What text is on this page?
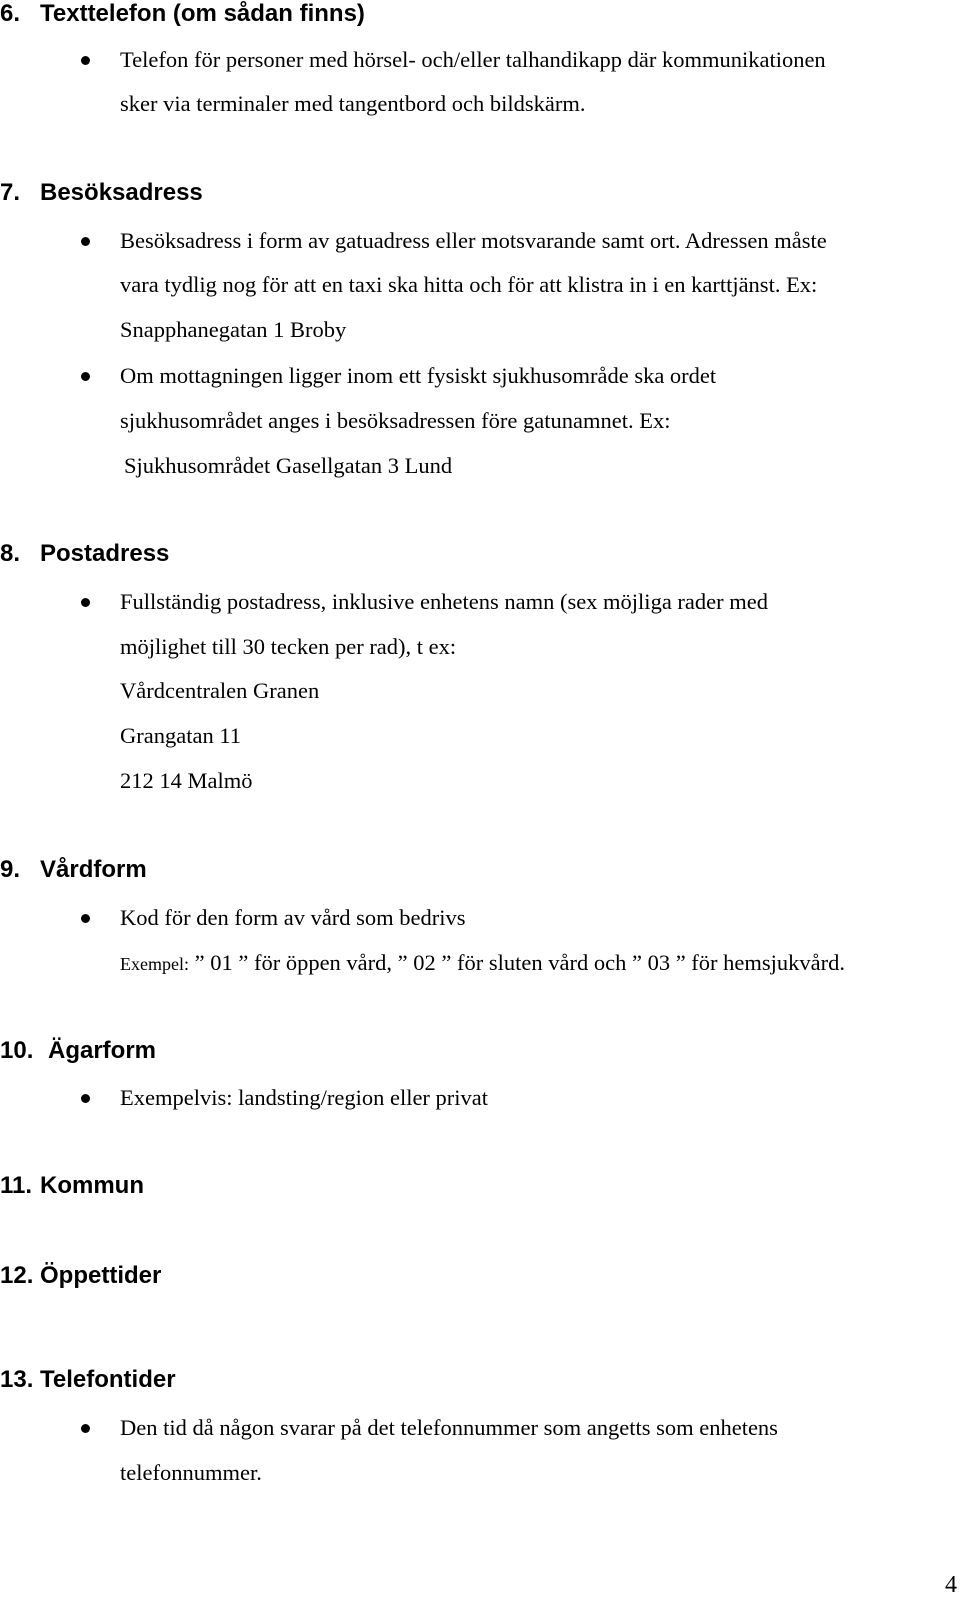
6. Texttelefon (om sådan finns)
Telefon för personer med hörsel- och/eller talhandikapp där kommunikationen
sker via terminaler med tangentbord och bildskärm.
7. Besöksadress
Besöksadress i form av gatuadress eller motsvarande samt ort. Adressen måste
vara tydlig nog för att en taxi ska hitta och för att klistra in i en karttjänst. Ex:
Snapphanegatan 1 Broby
Om mottagningen ligger inom ett fysiskt sjukhusområde ska ordet
sjukhusområdet anges i besöksadressen före gatunamnet. Ex:
Sjukhusområdet Gasellgatan 3 Lund
8. Postadress
Fullständig postadress, inklusive enhetens namn (sex möjliga rader med
möjlighet till 30 tecken per rad), t ex:
Vårdcentralen Granen
Grangatan 11
212 14 Malmö
9. Vårdform
Kod för den form av vård som bedrivs
Exempel: ” 01 ” för öppen vård, ” 02 ” för sluten vård och ” 03 ” för hemsjukvård.
10. Ägarform
Exempelvis: landsting/region eller privat
11. Kommun
12. Öppettider
13. Telefontider
Den tid då någon svarar på det telefonnummer som angetts som enhetens
telefonnummer.
4
